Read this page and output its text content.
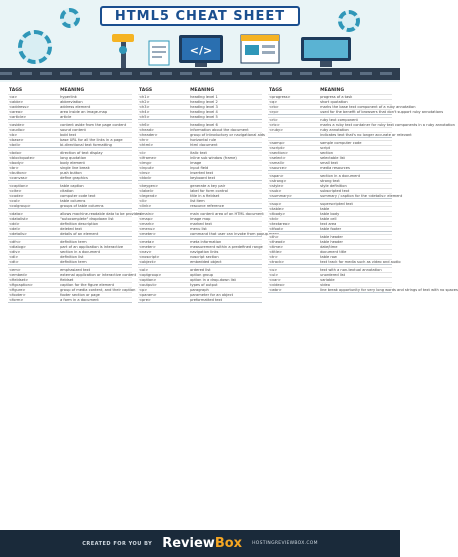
HTML5 CHEAT SHEET
</>
TAGS	MEANING
<a>	hyperlink
<abbr>	abbreviation
<address>	address element
<area>	area inside an image-map
<article>	article
<aside>	content aside from the page content
<audio>	sound content
<b>	bold text
<base>	base URL for all the links in a page
<bdi>	bi-directional text formatting
<bdo>	direction of text display
<blockquote>	long quotation
<body>	body element
<br>	single line break
<button>	push button
<canvas>	define graphics
<caption>	table caption
<cite>	citation
<code>	computer code text
<col>	table columns
<colgroup>	groups of table columns
<data>	allows machine-readable data to be provided
<datalist>	"autocomplete" dropdown list
<dd>	definition description
<del>	deleted text
<details>	details of an element
<dfn>	definition term
<dialog>	part of an application is interactive
<div>	section in a document
<dl>	definition list
<dt>	definition term
<em>	emphasized text
<embed>	external application or interactive content
<fieldset>	fieldset
<figcaption>	caption for the figure element
<figure>	group of media content, and their caption
<footer>	footer section or page
<form>	a form in a document
TAGS	MEANING
<h1>	heading level 1
<h2>	heading level 2
<h3>	heading level 3
<h4>	heading level 4
<h5>	heading level 5
<h6>	heading level 6
<head>	information about the document
<header>	group of introductory or navigational aids
<hr>	horizontal rule
<html>	html document
<i>	italic text
<iframe>	inline sub window (frame)
<img>	image
<input>	input field
<ins>	inserted text
<kbd>	keyboard text
<keygen>	generate a key pair
<label>	label for form control
<legend>	title in a fieldset
<li>	list item
<link>	resource reference
<main>	main content area of an HTML document
<map>	image map
<mark>	marked text
<menu>	menu list
<meter>	command that user can invoke from popup menu
<meta>	meta information
<meter>	measurement within a predefined range
<nav>	navigation links
<noscript>	noscript section
<object>	embedded object
<ol>	ordered list
<optgroup>	option group
<option>	option in a drop-down list
<output>	types of output
<p>	paragraph
<param>	parameter for an object
<pre>	preformatted text
TAGS	MEANING
<progress>	progress of a task
<q>	short quotation
<rb>	marks the base text component of a ruby annotation
<rp>	used for the benefit of browsers that don't support ruby annotations
<rt>	ruby text component
<rtc>	marks a ruby text container for ruby text components in a ruby annotation
<ruby>	ruby annotation
indicates text that's no longer accurate or relevant
<samp>	sample computer code
<script>	script
<section>	section
<select>	selectable list
<small>	small text
<source>	media resources
<span>	section in a document
<strong>	strong text
<style>	style definition
<sub>	subscripted text
<summary>	summary / caption for the <details> element
<sup>	superscripted text
<table>	table
<tbody>	table body
<td>	table cell
<textarea>	text area
<tfoot>	table footer
<th>	table header
<thead>	table header
<time>	date/time
<title>	document title
<tr>	table row
<track>	text track for media such as video and audio
<u>	text with a non-textual annotation
<ul>	unordered list
<var>	variable
<video>	video
<wbr>	line break opportunity for very long words and strings of text with no spaces
CREATED FOR YOU BY ReviewBox HOSTINGREVIEWBOX.COM
